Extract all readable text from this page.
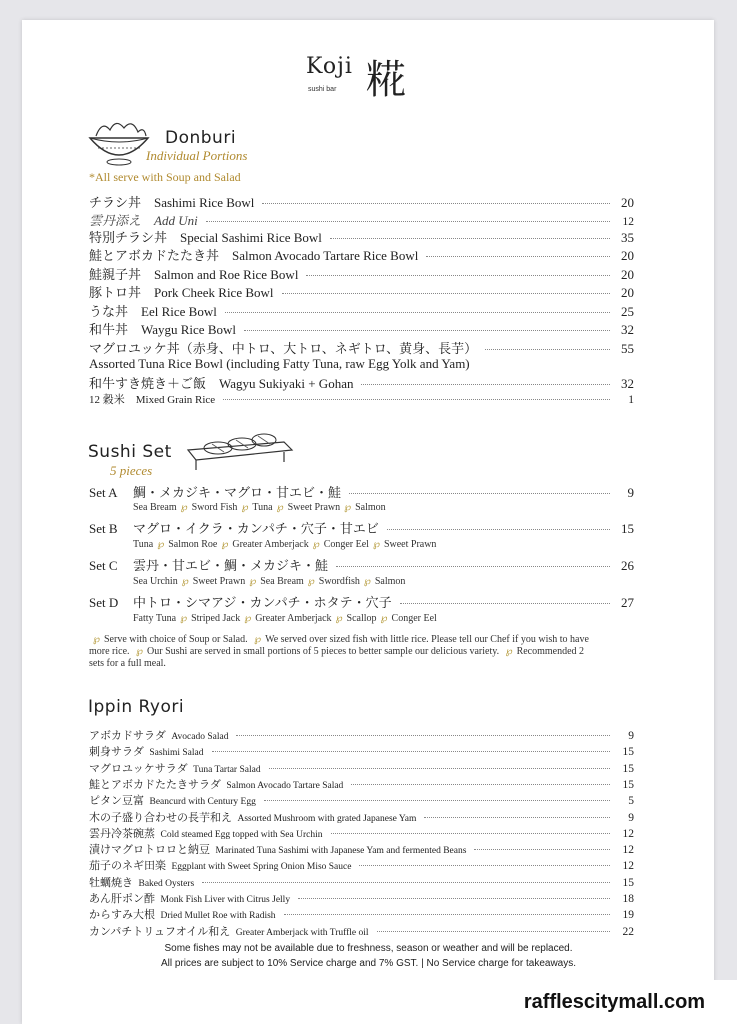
Koji
sushi bar 糀
Donburi
Individual Portions
*All serve with Soup and Salad
チラシ丼　Sashimi Rice Bowl	20
雲丹添え　Add Uni	12
特別チラシ丼　Special Sashimi Rice Bowl	35
鮭とアボカドたたき丼　Salmon Avocado Tartare Rice Bowl	20
鮭親子丼　Salmon and Roe Rice Bowl	20
豚トロ丼　Pork Cheek Rice Bowl	20
うな丼　Eel Rice Bowl	25
和牛丼　Waygu Rice Bowl	32
マグロユッケ丼（赤身、中トロ、大トロ、ネギトロ、黄身、長芋）	55
Assorted Tuna Rice Bowl (including Fatty Tuna, raw Egg Yolk and Yam)
和牛すき焼き＋ご飯　Wagyu Sukiyaki + Gohan	32
12 穀米　Mixed Grain Rice	1
Sushi Set
5 pieces
Set A	鯛・メカジキ・マグロ・甘エビ・鮭	9
Sea Bream ℘ Sword Fish ℘ Tuna ℘ Sweet Prawn ℘ Salmon
Set B	マグロ・イクラ・カンパチ・穴子・甘エビ	15
Tuna ℘ Salmon Roe ℘ Greater Amberjack ℘ Conger Eel ℘ Sweet Prawn
Set C	雲丹・甘エビ・鯛・メカジキ・鮭	26
Sea Urchin ℘ Sweet Prawn ℘ Sea Bream ℘ Swordfish ℘ Salmon
Set D	中トロ・シマアジ・カンパチ・ホタテ・穴子	27
Fatty Tuna ℘ Striped Jack ℘ Greater Amberjack ℘ Scallop ℘ Conger Eel
℘ Serve with choice of Soup or Salad. ℘ We served over sized fish with little rice. Please tell our Chef if you wish to have more rice. ℘ Our Sushi are served in small portions of 5 pieces to better sample our delicious variety. ℘ Recommended 2 sets for a full meal.
Ippin Ryori
アボカドサラダ Avocado Salad	9
刺身サラダ Sashimi Salad	15
マグロユッケサラダ Tuna Tartar Salad	15
鮭とアボカドたたきサラダ Salmon Avocado Tartare Salad	15
ピタン豆富 Beancurd with Century Egg	5
木の子盛り合わせの長芋和え Assorted Mushroom with grated Japanese Yam	9
雲丹冷茶碗蒸 Cold steamed Egg topped with Sea Urchin	12
漬けマグロトロロと納豆 Marinated Tuna Sashimi with Japanese Yam and fermented Beans	12
茄子のネギ田楽 Eggplant with Sweet Spring Onion Miso Sauce	12
牡蠣焼き Baked Oysters	15
あん肝ポン酢 Monk Fish Liver with Citrus Jelly	18
からすみ大根 Dried Mullet Roe with Radish	19
カンパチトリュフオイル和え Greater Amberjack with Truffle oil	22
Some fishes may not be available due to freshness, season or weather and will be replaced.
All prices are subject to 10% Service charge and 7% GST. | No Service charge for takeaways.
rafflescitymall.com
